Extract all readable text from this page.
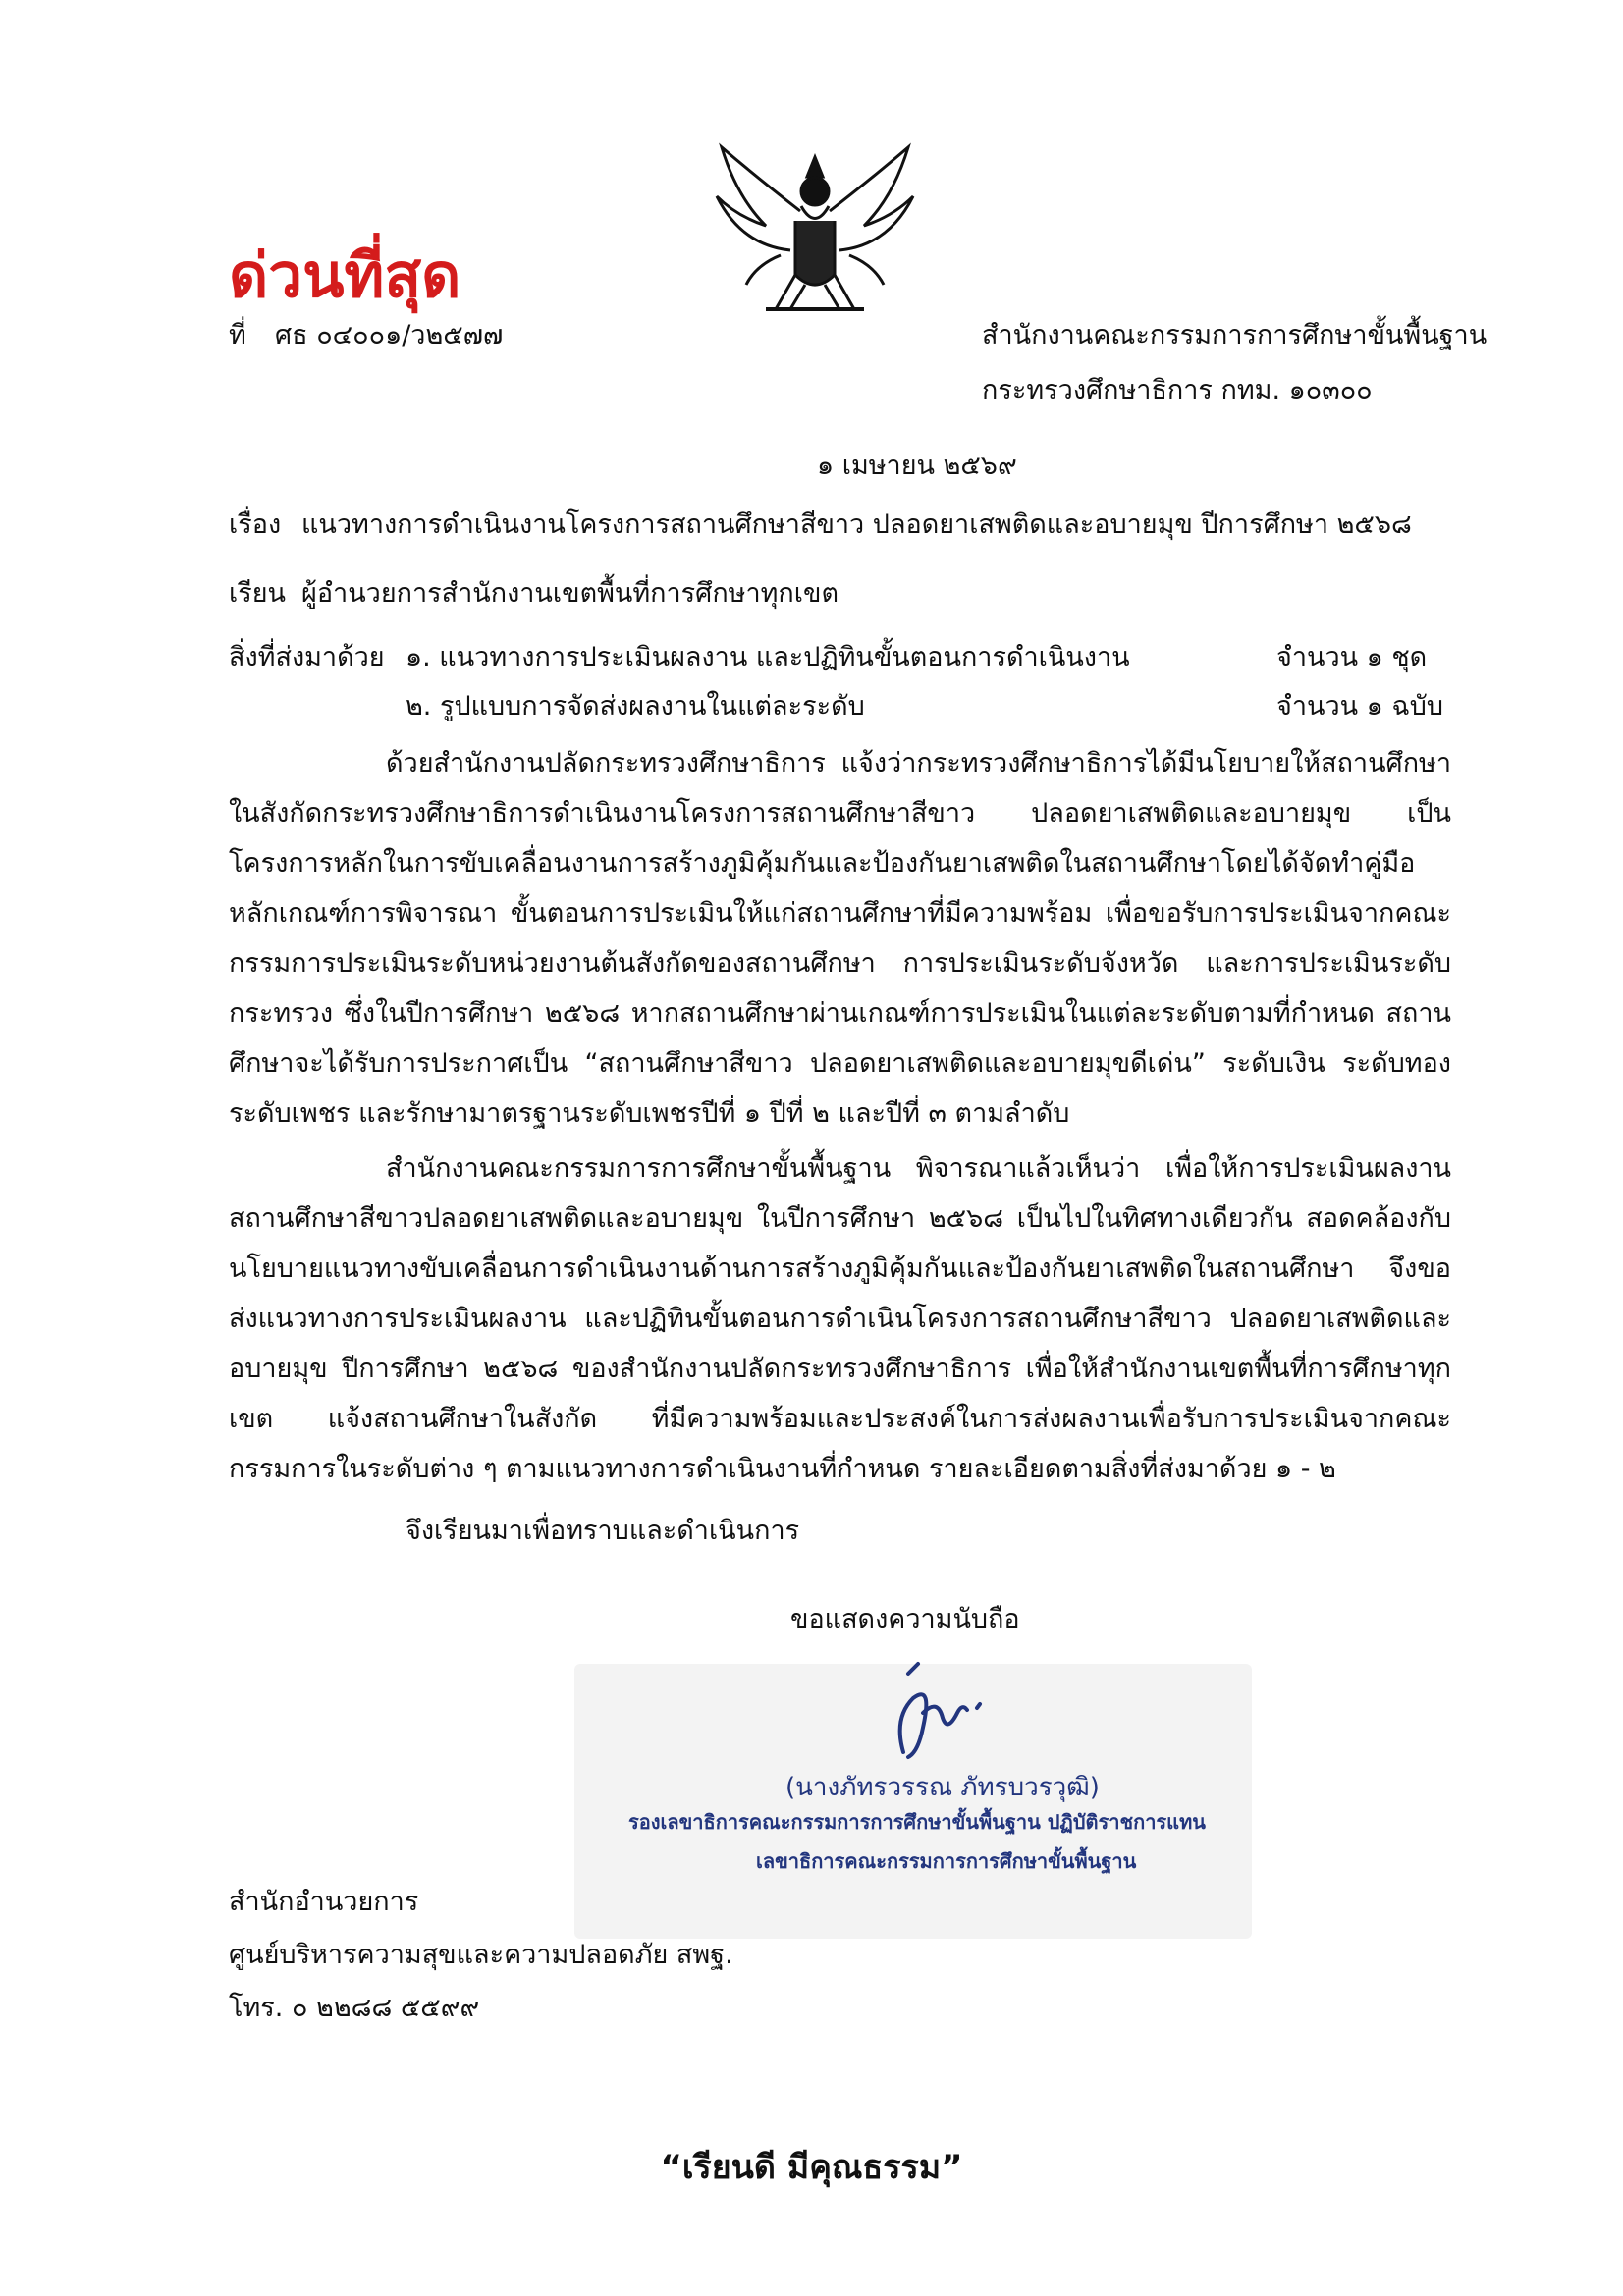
ด่วนที่สุด
ที่ ศธ ๐๔๐๐๑/ว๒๕๗๗	สำนักงานคณะกรรมการการศึกษาขั้นพื้นฐาน
กระทรวงศึกษาธิการ กทม. ๑๐๓๐๐
๑ เมษายน ๒๕๖๙
เรื่อง แนวทางการดำเนินงานโครงการสถานศึกษาสีขาว ปลอดยาเสพติดและอบายมุข ปีการศึกษา ๒๕๖๘
เรียน ผู้อำนวยการสำนักงานเขตพื้นที่การศึกษาทุกเขต
สิ่งที่ส่งมาด้วย ๑. แนวทางการประเมินผลงาน และปฏิทินขั้นตอนการดำเนินงาน	จำนวน ๑ ชุด
๒. รูปแบบการจัดส่งผลงานในแต่ละระดับ	จำนวน ๑ ฉบับ
ด้วยสำนักงานปลัดกระทรวงศึกษาธิการ แจ้งว่ากระทรวงศึกษาธิการได้มีนโยบายให้สถานศึกษาในสังกัดกระทรวงศึกษาธิการดำเนินงานโครงการสถานศึกษาสีขาว ปลอดยาเสพติดและอบายมุข เป็นโครงการหลักในการขับเคลื่อนงานการสร้างภูมิคุ้มกันและป้องกันยาเสพติดในสถานศึกษาโดยได้จัดทำคู่มือ หลักเกณฑ์การพิจารณา ขั้นตอนการประเมินให้แก่สถานศึกษาที่มีความพร้อม เพื่อขอรับการประเมินจากคณะกรรมการประเมินระดับหน่วยงานต้นสังกัดของสถานศึกษา การประเมินระดับจังหวัด และการประเมินระดับกระทรวง ซึ่งในปีการศึกษา ๒๕๖๘ หากสถานศึกษาผ่านเกณฑ์การประเมินในแต่ละระดับตามที่กำหนด สถานศึกษาจะได้รับการประกาศเป็น “สถานศึกษาสีขาว ปลอดยาเสพติดและอบายมุขดีเด่น” ระดับเงิน ระดับทอง ระดับเพชร และรักษามาตรฐานระดับเพชรปีที่ ๑ ปีที่ ๒ และปีที่ ๓ ตามลำดับ
สำนักงานคณะกรรมการการศึกษาขั้นพื้นฐาน พิจารณาแล้วเห็นว่า เพื่อให้การประเมินผลงานสถานศึกษาสีขาวปลอดยาเสพติดและอบายมุข ในปีการศึกษา ๒๕๖๘ เป็นไปในทิศทางเดียวกัน สอดคล้องกับนโยบายแนวทางขับเคลื่อนการดำเนินงานด้านการสร้างภูมิคุ้มกันและป้องกันยาเสพติดในสถานศึกษา จึงขอส่งแนวทางการประเมินผลงาน และปฏิทินขั้นตอนการดำเนินโครงการสถานศึกษาสีขาว ปลอดยาเสพติดและอบายมุข ปีการศึกษา ๒๕๖๘ ของสำนักงานปลัดกระทรวงศึกษาธิการ เพื่อให้สำนักงานเขตพื้นที่การศึกษาทุกเขต แจ้งสถานศึกษาในสังกัด ที่มีความพร้อมและประสงค์ในการส่งผลงานเพื่อรับการประเมินจากคณะกรรมการในระดับต่าง ๆ ตามแนวทางการดำเนินงานที่กำหนด รายละเอียดตามสิ่งที่ส่งมาด้วย ๑ - ๒
จึงเรียนมาเพื่อทราบและดำเนินการ
ขอแสดงความนับถือ
(นางภัทรวรรณ ภัทรบวรวุฒิ)
รองเลขาธิการคณะกรรมการการศึกษาขั้นพื้นฐาน ปฏิบัติราชการแทน
เลขาธิการคณะกรรมการการศึกษาขั้นพื้นฐาน
สำนักอำนวยการ
ศูนย์บริหารความสุขและความปลอดภัย สพฐ.
โทร. ๐ ๒๒๘๘ ๕๕๙๙
“เรียนดี มีคุณธรรม”
